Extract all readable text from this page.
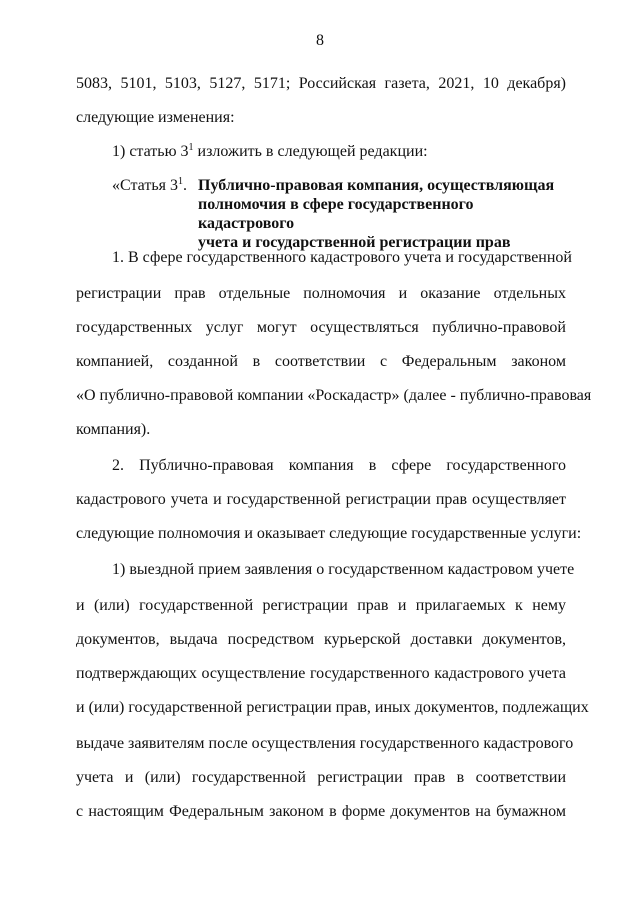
8
5083, 5101, 5103, 5127, 5171; Российская газета, 2021, 10 декабря)
следующие изменения:
1) статью $3^1$ изложить в следующей редакции:
«Статья $3^1$. Публично-правовая компания, осуществляющая
полномочия в сфере государственного кадастрового
учета и государственной регистрации прав
1. В сфере государственного кадастрового учета и государственной
регистрации прав отдельные полномочия и оказание отдельных
государственных услуг могут осуществляться публично-правовой
компанией, созданной в соответствии с Федеральным законом
«О публично-правовой компании «Роскадастр» (далее - публично-правовая
компания).
2. Публично-правовая компания в сфере государственного
кадастрового учета и государственной регистрации прав осуществляет
следующие полномочия и оказывает следующие государственные услуги:
1) выездной прием заявления о государственном кадастровом учете
и (или) государственной регистрации прав и прилагаемых к нему
документов, выдача посредством курьерской доставки документов,
подтверждающих осуществление государственного кадастрового учета
и (или) государственной регистрации прав, иных документов, подлежащих
выдаче заявителям после осуществления государственного кадастрового
учета и (или) государственной регистрации прав в соответствии
с настоящим Федеральным законом в форме документов на бумажном
